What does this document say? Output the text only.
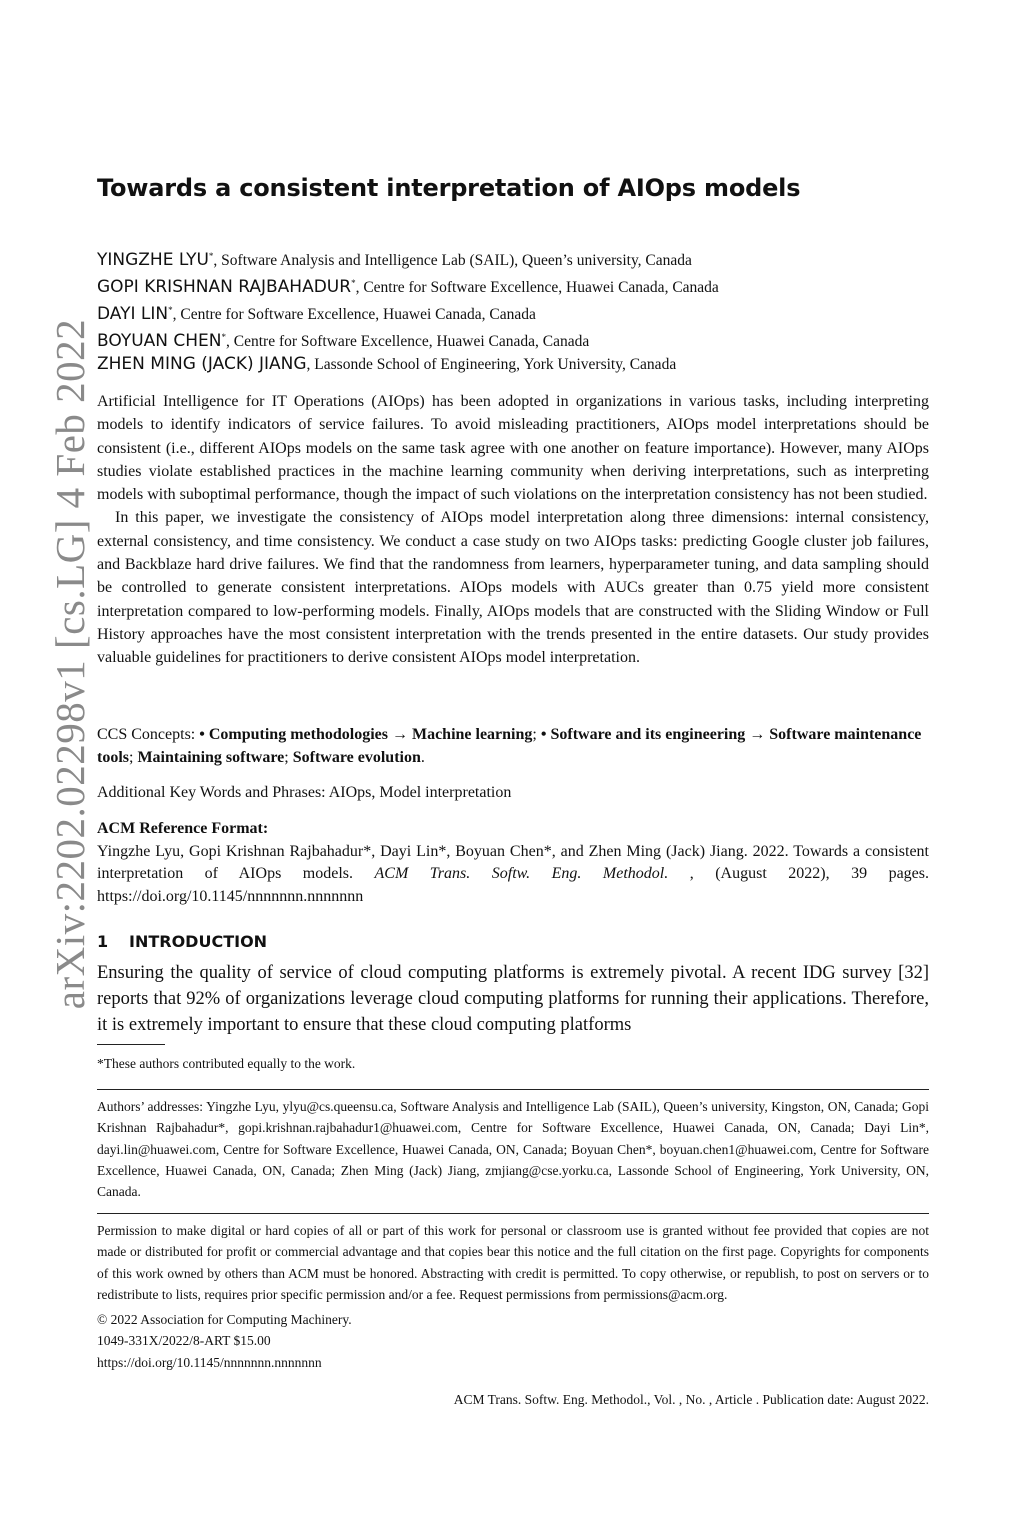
arXiv:2202.02298v1 [cs.LG] 4 Feb 2022
Towards a consistent interpretation of AIOps models
YINGZHE LYU*, Software Analysis and Intelligence Lab (SAIL), Queen’s university, Canada
GOPI KRISHNAN RAJBAHADUR*, Centre for Software Excellence, Huawei Canada, Canada
DAYI LIN*, Centre for Software Excellence, Huawei Canada, Canada
BOYUAN CHEN*, Centre for Software Excellence, Huawei Canada, Canada
ZHEN MING (JACK) JIANG, Lassonde School of Engineering, York University, Canada

Artificial Intelligence for IT Operations (AIOps) has been adopted in organizations in various tasks, including interpreting models to identify indicators of service failures. To avoid misleading practitioners, AIOps model interpretations should be consistent (i.e., different AIOps models on the same task agree with one another on feature importance). However, many AIOps studies violate established practices in the machine learning community when deriving interpretations, such as interpreting models with suboptimal performance, though the impact of such violations on the interpretation consistency has not been studied.

In this paper, we investigate the consistency of AIOps model interpretation along three dimensions: internal consistency, external consistency, and time consistency. We conduct a case study on two AIOps tasks: predicting Google cluster job failures, and Backblaze hard drive failures. We find that the randomness from learners, hyperparameter tuning, and data sampling should be controlled to generate consistent interpretations. AIOps models with AUCs greater than 0.75 yield more consistent interpretation compared to low-performing models. Finally, AIOps models that are constructed with the Sliding Window or Full History approaches have the most consistent interpretation with the trends presented in the entire datasets. Our study provides valuable guidelines for practitioners to derive consistent AIOps model interpretation.

CCS Concepts: • Computing methodologies → Machine learning; • Software and its engineering → Software maintenance tools; Maintaining software; Software evolution.
Additional Key Words and Phrases: AIOps, Model interpretation
ACM Reference Format:
Yingzhe Lyu, Gopi Krishnan Rajbahadur*, Dayi Lin*, Boyuan Chen*, and Zhen Ming (Jack) Jiang. 2022. Towards a consistent interpretation of AIOps models. ACM Trans. Softw. Eng. Methodol. , (August 2022), 39 pages. https://doi.org/10.1145/nnnnnnn.nnnnnnn
1 INTRODUCTION
Ensuring the quality of service of cloud computing platforms is extremely pivotal. A recent IDG survey [32] reports that 92% of organizations leverage cloud computing platforms for running their applications. Therefore, it is extremely important to ensure that these cloud computing platforms
*These authors contributed equally to the work.
Authors’ addresses: Yingzhe Lyu, ylyu@cs.queensu.ca, Software Analysis and Intelligence Lab (SAIL), Queen’s university, Kingston, ON, Canada; Gopi Krishnan Rajbahadur*, gopi.krishnan.rajbahadur1@huawei.com, Centre for Software Excellence, Huawei Canada, ON, Canada; Dayi Lin*, dayi.lin@huawei.com, Centre for Software Excellence, Huawei Canada, ON, Canada; Boyuan Chen*, boyuan.chen1@huawei.com, Centre for Software Excellence, Huawei Canada, ON, Canada; Zhen Ming (Jack) Jiang, zmjiang@cse.yorku.ca, Lassonde School of Engineering, York University, ON, Canada.

Permission to make digital or hard copies of all or part of this work for personal or classroom use is granted without fee provided that copies are not made or distributed for profit or commercial advantage and that copies bear this notice and the full citation on the first page. Copyrights for components of this work owned by others than ACM must be honored. Abstracting with credit is permitted. To copy otherwise, or republish, to post on servers or to redistribute to lists, requires prior specific permission and/or a fee. Request permissions from permissions@acm.org.

© 2022 Association for Computing Machinery.

1049-331X/2022/8-ART $15.00

https://doi.org/10.1145/nnnnnnn.nnnnnnn

ACM Trans. Softw. Eng. Methodol., Vol. , No. , Article . Publication date: August 2022.
